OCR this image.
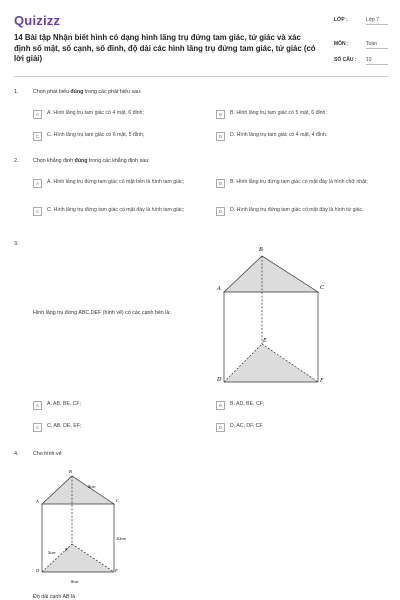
Quizizz
14 Bài tập Nhận biết hình có dạng hình lăng trụ đứng tam giác, tứ giác và xác định số mặt, số cạnh, số đỉnh, độ dài các hình lăng trụ đứng tam giác, tứ giác (có lời giải)
LỚP :	Lớp 7
MÔN :	Toán
SỐ CÂU : 10
1.	Chọn phát biểu đúng trong các phát biểu sau:
A	A. Hình lăng trụ tam giác có 4 mặt, 6 đỉnh;	B	B. Hình lăng trụ tam giác có 5 mặt, 6 đỉnh;
C	C. Hình lăng trụ tam giác có 6 mặt, 5 đỉnh;	D	D. Hình lăng trụ tam giác có 4 mặt, 4 đỉnh.
2.	Chọn khẳng định đúng trong các khẳng định sau:
A	A. Hình lăng trụ đứng tam giác có mặt bên là hình tam giác;	B	B. Hình lăng trụ đứng tam giác có mặt đáy là hình chữ nhật;
C	C. Hình lăng trụ đứng tam giác có mặt đáy là hình tam giác;	D	D. Hình lăng trụ đứng tam giác có mặt đáy là hình tứ giác.
3.
Hình lăng trụ đứng ABC.DEF (hình vẽ) có các cạnh bên là:
B
A	C
E
D	F
A	A. AB, BE, CF;	B	B. AD, BE, CF;
C	C. AB, DE, EF;	D	D. AC, DF, CF.
4.	Cho hình vẽ
B
A	C
8cm
10cm
5cm
E
D	F
8cm
Độ dài cạnh AB là
